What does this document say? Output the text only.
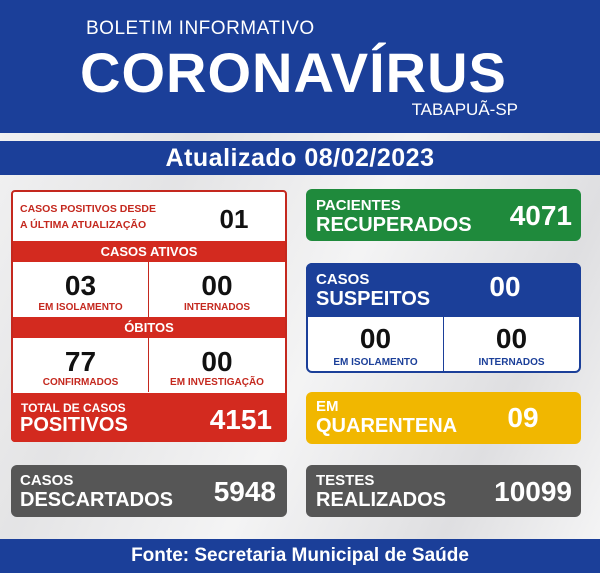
BOLETIM INFORMATIVO
CORONAVÍRUS
TABAPUÃ-SP
Atualizado 08/02/2023
CASOS POSITIVOS DESDE
A ÚLTIMA ATUALIZAÇÃO	01
CASOS ATIVOS
03
EM ISOLAMENTO
00
INTERNADOS
ÓBITOS
77
CONFIRMADOS
00
EM INVESTIGAÇÃO
TOTAL DE CASOS
POSITIVOS	4151
CASOS
DESCARTADOS	5948
PACIENTES
RECUPERADOS	4071
CASOS
SUSPEITOS	00
00
EM ISOLAMENTO
00
INTERNADOS
EM
QUARENTENA	09
TESTES
REALIZADOS	10099
Fonte: Secretaria Municipal de Saúde
